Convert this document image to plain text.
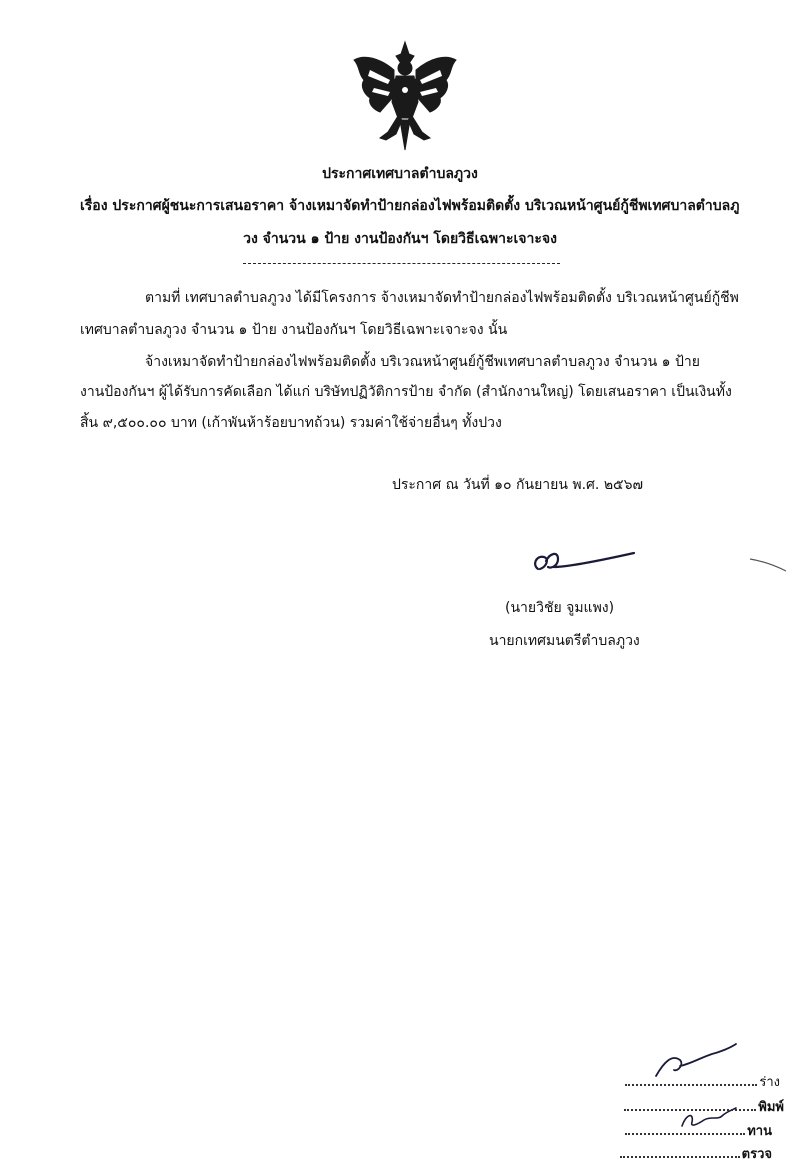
ประกาศเทศบาลตำบลภูวง
เรื่อง ประกาศผู้ชนะการเสนอราคา จ้างเหมาจัดทำป้ายกล่องไฟพร้อมติดตั้ง บริเวณหน้าศูนย์กู้ชีพเทศบาลตำบลภู
วง จำนวน ๑ ป้าย งานป้องกันฯ โดยวิธีเฉพาะเจาะจง
ตามที่ เทศบาลตำบลภูวง ได้มีโครงการ จ้างเหมาจัดทำป้ายกล่องไฟพร้อมติดตั้ง บริเวณหน้าศูนย์กู้ชีพ
เทศบาลตำบลภูวง จำนวน ๑ ป้าย งานป้องกันฯ โดยวิธีเฉพาะเจาะจง นั้น
จ้างเหมาจัดทำป้ายกล่องไฟพร้อมติดตั้ง บริเวณหน้าศูนย์กู้ชีพเทศบาลตำบลภูวง จำนวน ๑ ป้าย
งานป้องกันฯ ผู้ได้รับการคัดเลือก ได้แก่ บริษัทปฏิวัติการป้าย จำกัด (สำนักงานใหญ่) โดยเสนอราคา เป็นเงินทั้ง
สิ้น ๙,๕๐๐.๐๐ บาท (เก้าพันห้าร้อยบาทถ้วน) รวมค่าใช้จ่ายอื่นๆ ทั้งปวง
ประกาศ ณ วันที่ ๑๐ กันยายน พ.ศ. ๒๕๖๗
(นายวิชัย จูมแพง)
นายกเทศมนตรีตำบลภูวง
ร่าง
พิมพ์
ทาน
ตรวจ
